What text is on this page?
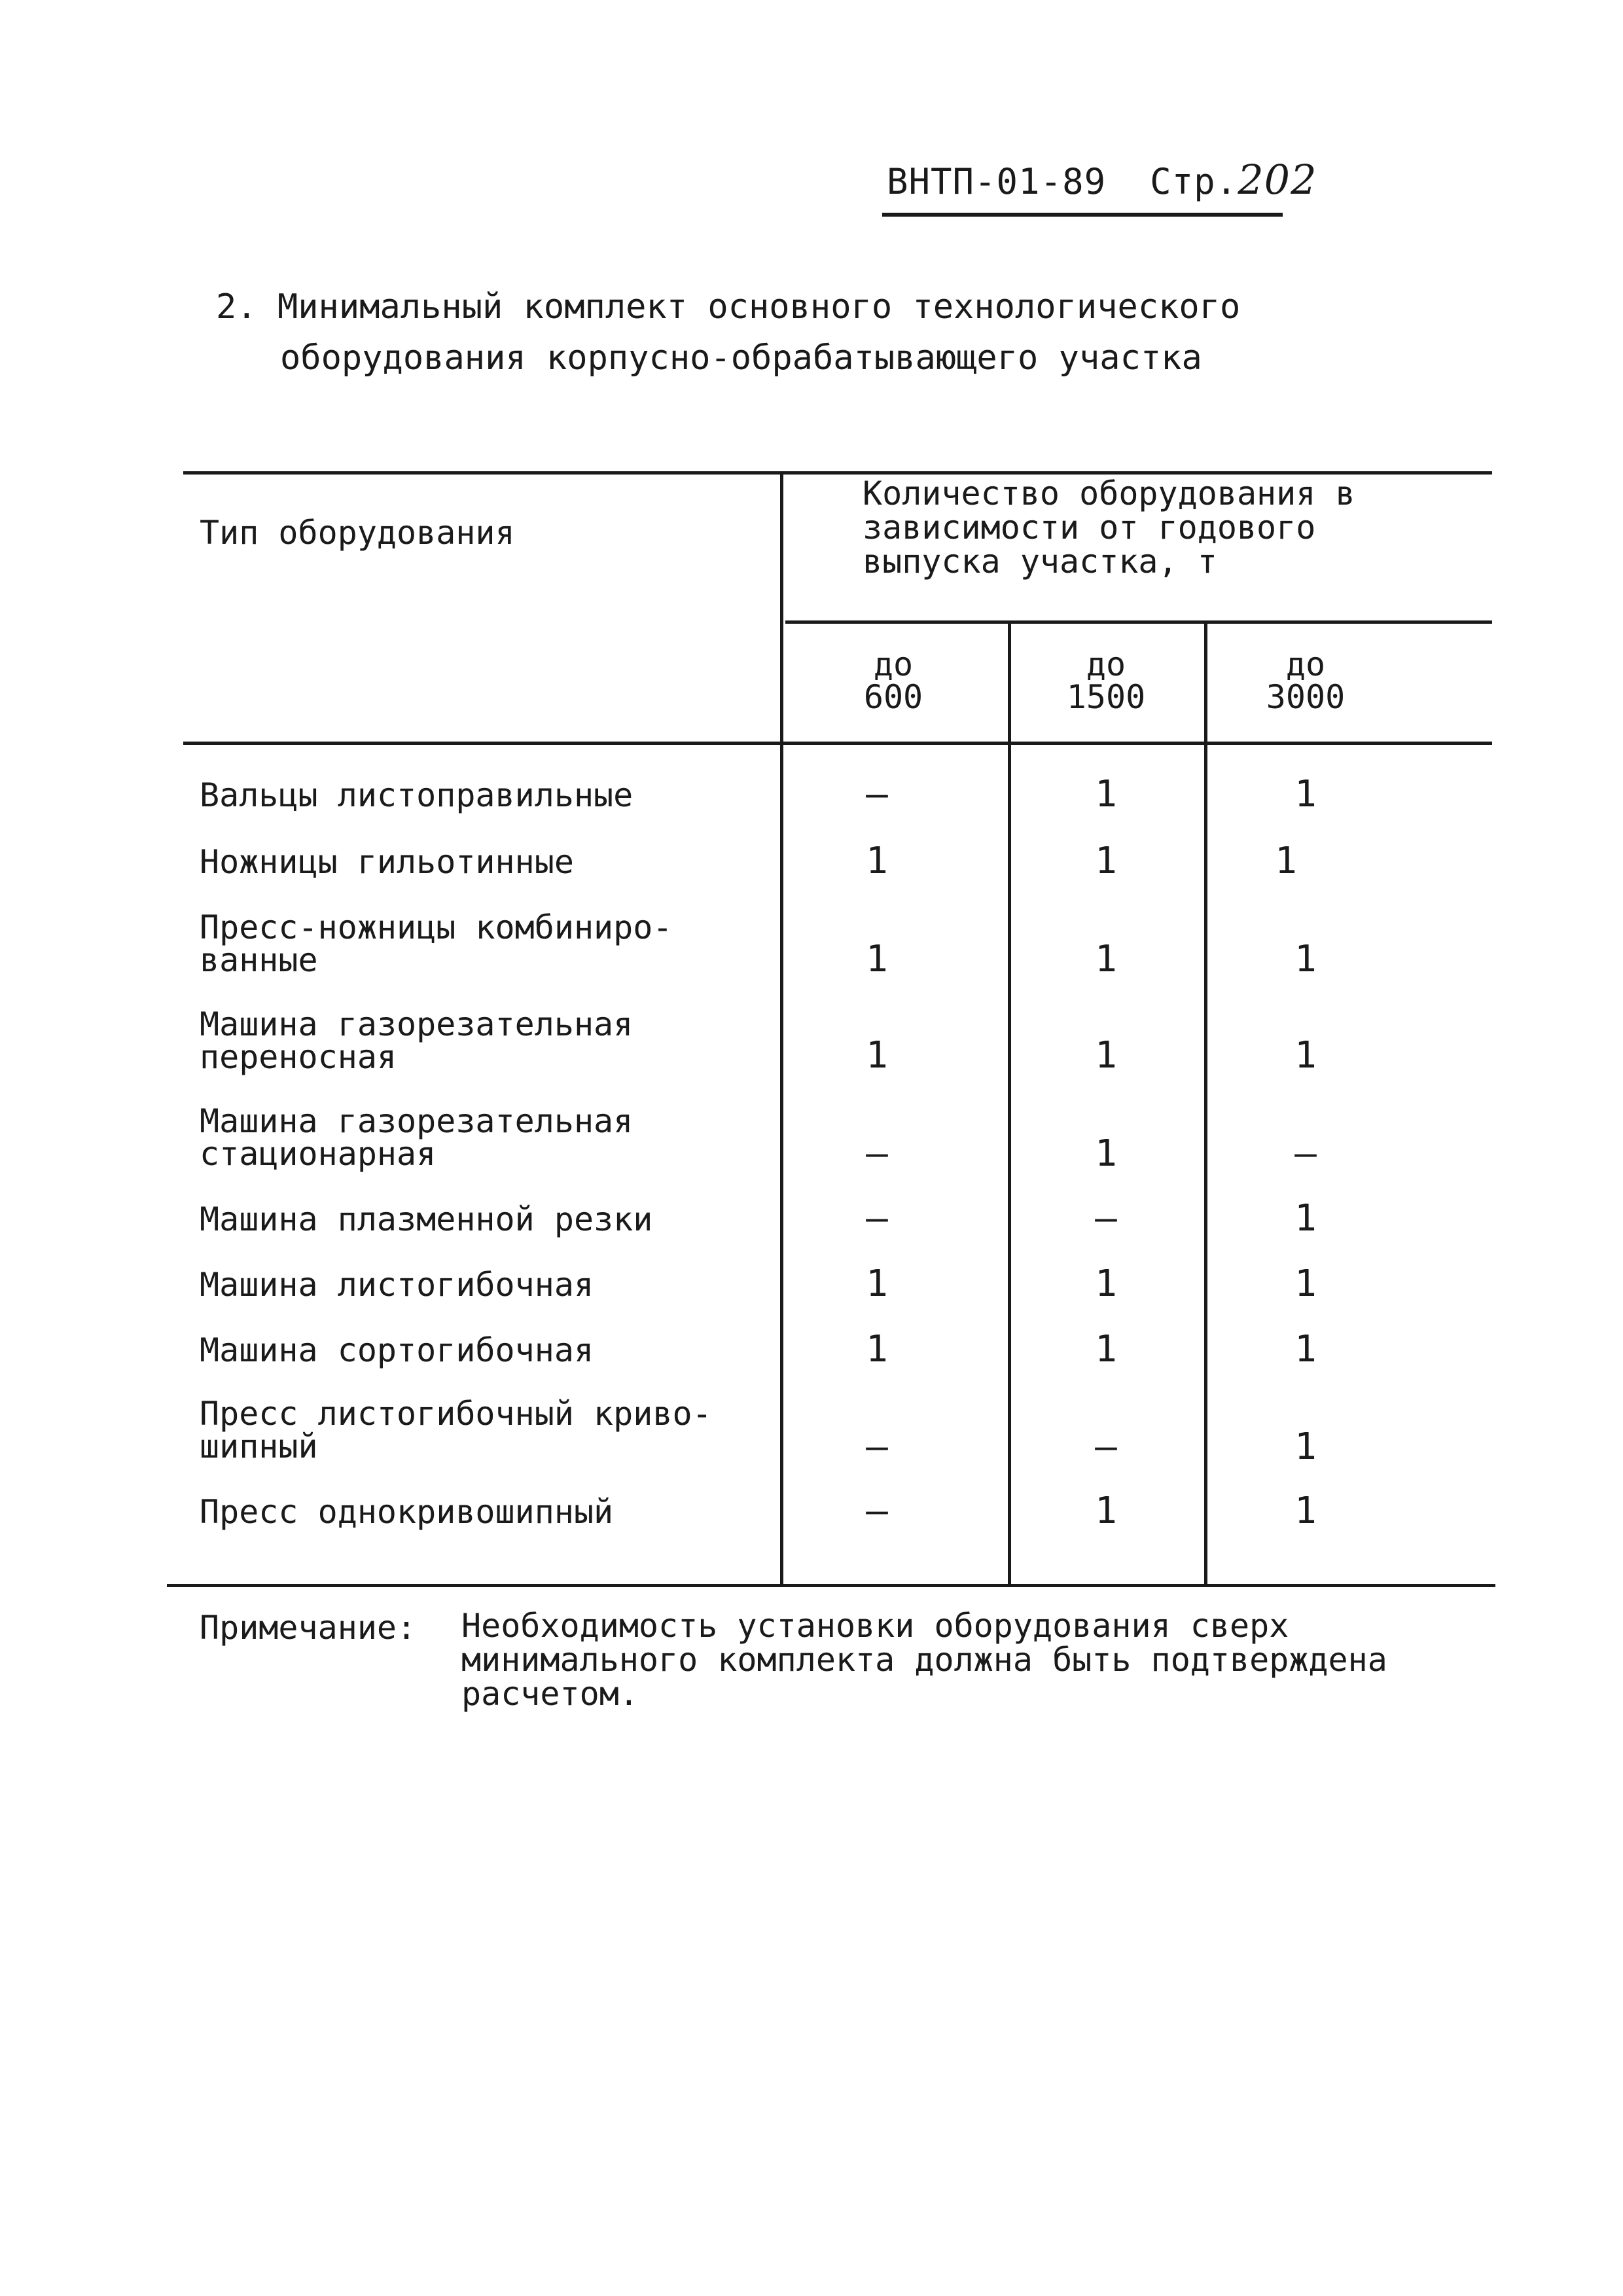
ВНТП-01-89 Стр.202
2. Минимальный комплект основного технологического
оборудования корпусно-обрабатывающего участка
Тип оборудования
Количество оборудования в
зависимости от годового
выпуска участка, т
до
600
до
1500
до
3000
Вальцы листоправильные	–	1	1
Ножницы гильотинные	1	1	1
Пресс-ножницы комбиниро-
ванные	1	1	1
Машина газорезательная
переносная	1	1	1
Машина газорезательная
стационарная	–	1	–
Машина плазменной резки	–	–	1
Машина листогибочная	1	1	1
Машина сортогибочная	1	1	1
Пресс листогибочный криво-
шипный	–	–	1
Пресс однокривошипный	–	1	1
Примечание: Необходимость установки оборудования сверх
минимального комплекта должна быть подтверждена
расчетом.
